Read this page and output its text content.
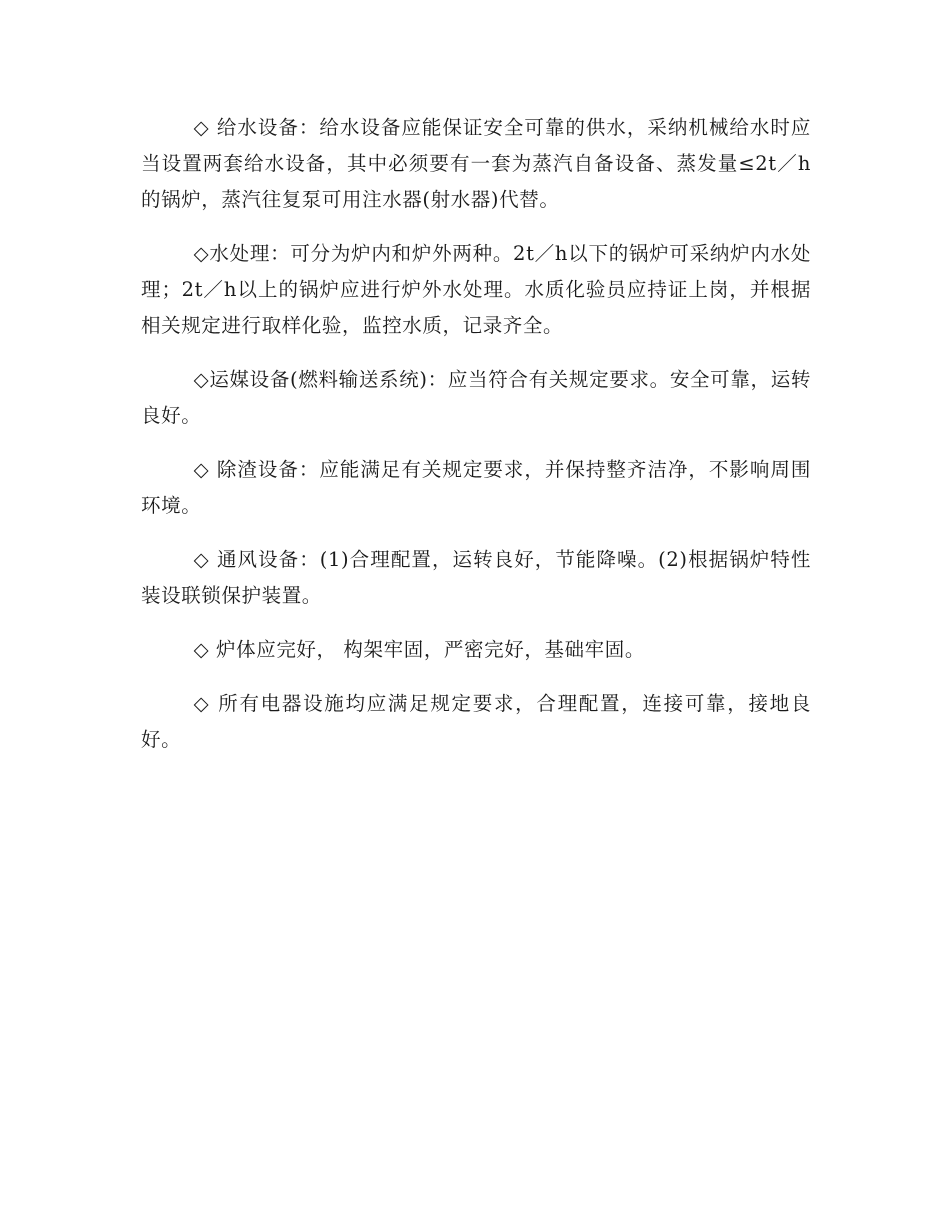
◇ 给水设备：给水设备应能保证安全可靠的供水，采纳机械给水时应当设置两套给水设备，其中必须要有一套为蒸汽自备设备、蒸发量≤2t／h的锅炉，蒸汽往复泵可用注水器(射水器)代替。

◇水处理：可分为炉内和炉外两种。2t／h以下的锅炉可采纳炉内水处理；2t／h以上的锅炉应进行炉外水处理。水质化验员应持证上岗，并根据相关规定进行取样化验，监控水质，记录齐全。

◇运媒设备(燃料输送系统)：应当符合有关规定要求。安全可靠，运转良好。

◇ 除渣设备：应能满足有关规定要求，并保持整齐洁净，不影响周围环境。

◇ 通风设备：(1)合理配置，运转良好，节能降噪。(2)根据锅炉特性装设联锁保护装置。

◇ 炉体应完好， 构架牢固，严密完好，基础牢固。

◇ 所有电器设施均应满足规定要求，合理配置，连接可靠，接地良好。
